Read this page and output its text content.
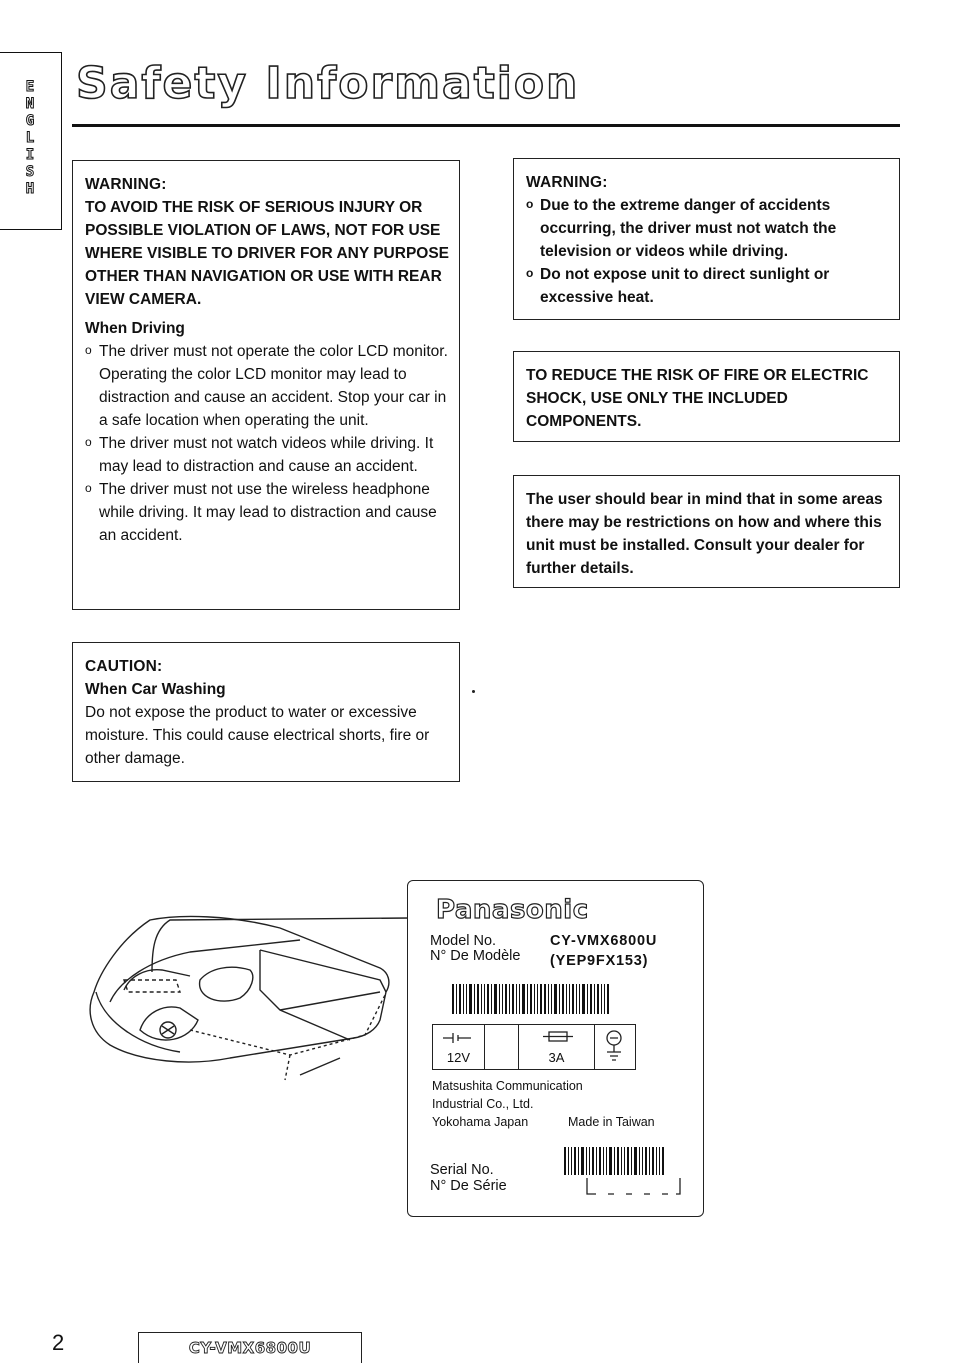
E
N
G
L
I
S
H
Safety Information
WARNING:
TO AVOID THE RISK OF SERIOUS INJURY OR POSSIBLE VIOLATION OF LAWS, NOT FOR USE WHERE VISIBLE TO DRIVER FOR ANY PURPOSE OTHER THAN NAVIGATION OR USE WITH REAR VIEW CAMERA.
When Driving
o The driver must not operate the color LCD monitor. Operating the color LCD monitor may lead to distraction and cause an accident. Stop your car in a safe location when operating the unit.
o The driver must not watch videos while driving. It may lead to distraction and cause an accident.
o The driver must not use the wireless headphone while driving. It may lead to distraction and cause an accident.
CAUTION:
When Car Washing
Do not expose the product to water or excessive moisture. This could cause electrical shorts, fire or other damage.
WARNING:
o Due to the extreme danger of accidents occurring, the driver must not watch the television or videos while driving.
o Do not expose unit to direct sunlight or excessive heat.
TO REDUCE THE RISK OF FIRE OR ELECTRIC SHOCK, USE ONLY THE INCLUDED COMPONENTS.
The user should bear in mind that in some areas there may be restrictions on how and where this unit must be installed. Consult your dealer for further details.
Panasonic
Model No.
N° De Modèle
CY-VMX6800U
(YEP9FX153)
12V	3A
Matsushita Communication
Industrial Co., Ltd.
Yokohama Japan	Made in Taiwan
Serial No.
N° De Série
2	CY-VMX6800U
